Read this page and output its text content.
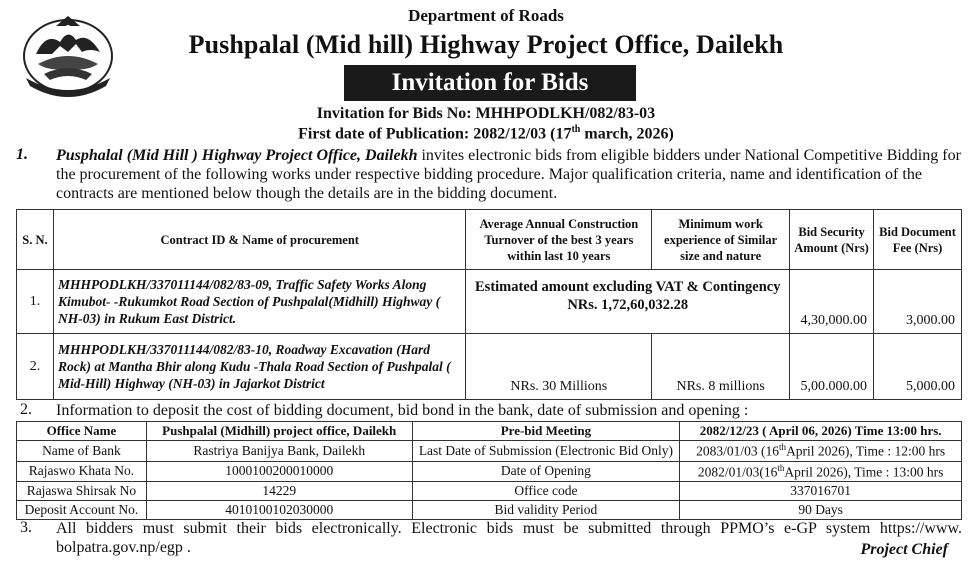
Department of Roads
Pushpalal (Mid hill) Highway Project Office, Dailekh
Invitation for Bids
Invitation for Bids No: MHHPODLKH/082/83-03
First date of Publication: 2082/12/03 (17th march, 2026)
1. Pusphalal (Mid Hill ) Highway Project Office, Dailekh invites electronic bids from eligible bidders under National Competitive Bidding for the procurement of the following works under respective bidding procedure. Major qualification criteria, name and identification of the contracts are mentioned below though the details are in the bidding document.
S. N.	Contract ID & Name of procurement	Average Annual Construction Turnover of the best 3 years within last 10 years	Minimum work experience of Similar size and nature	Bid Security Amount (Nrs)	Bid Document Fee (Nrs)
1.	MHHPODLKH/337011144/082/83-09, Traffic Safety Works Along Kimubot- -Rukumkot Road Section of Pushpalal(Midhill) Highway ( NH-03) in Rukum East District.	Estimated amount excluding VAT & Contingency NRs. 1,72,60,032.28		4,30,000.00	3,000.00
2.	MHHPODLKH/337011144/082/83-10, Roadway Excavation (Hard Rock) at Mantha Bhir along Kudu -Thala Road Section of Pushpalal ( Mid-Hill) Highway (NH-03) in Jajarkot District	NRs. 30 Millions	NRs. 8 millions	5,00.000.00	5,000.00
2. Information to deposit the cost of bidding document, bid bond in the bank, date of submission and opening :
Office Name	Pushpalal (Midhill) project office, Dailekh	Pre-bid Meeting	2082/12/23 ( April 06, 2026) Time 13:00 hrs.
Name of Bank	Rastriya Banijya Bank, Dailekh	Last Date of Submission (Electronic Bid Only)	2083/01/03 (16thApril 2026), Time : 12:00 hrs
Rajaswo Khata No.	1000100200010000	Date of Opening	2082/01/03(16thApril 2026), Time : 13:00 hrs
Rajaswa Shirsak No	14229	Office code	337016701
Deposit Account No.	4010100102030000	Bid validity Period	90 Days
3. All bidders must submit their bids electronically. Electronic bids must be submitted through PPMO’s e-GP system https://www. bolpatra.gov.np/egp .	Project Chief
